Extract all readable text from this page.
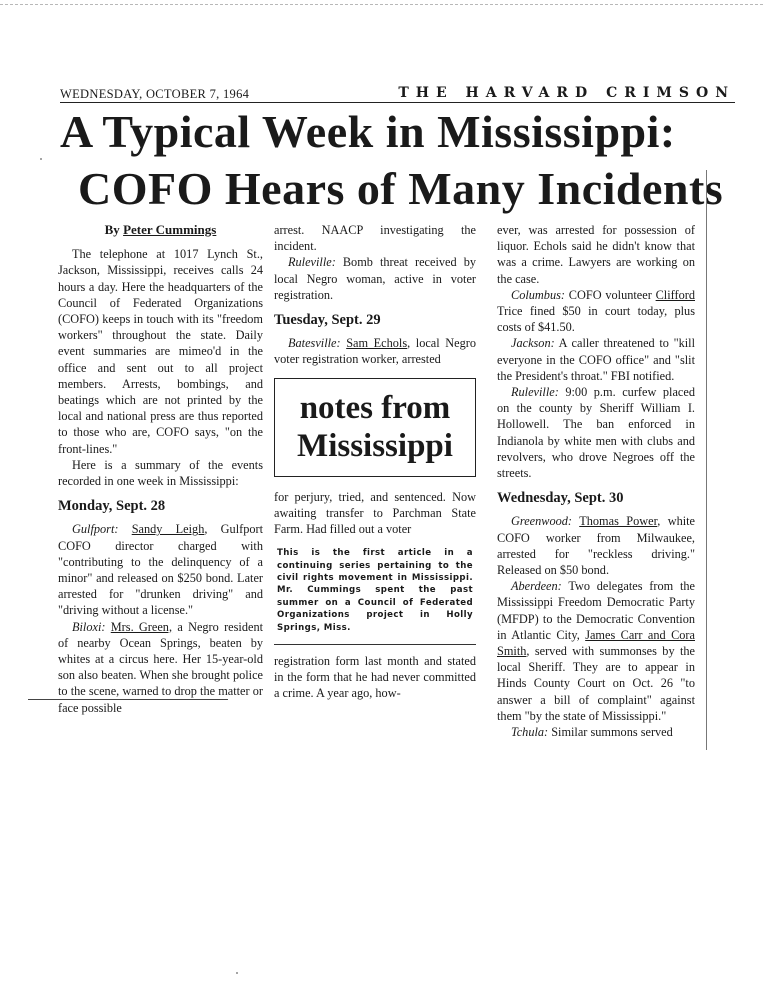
WEDNESDAY, OCTOBER 7, 1964	THE HARVARD CRIMSON
A Typical Week in Mississippi:
COFO Hears of Many Incidents
By Peter Cummings

The telephone at 1017 Lynch St., Jackson, Mississippi, receives calls 24 hours a day. Here the headquarters of the Council of Federated Organizations (COFO) keeps in touch with its "freedom workers" throughout the state. Daily event summaries are mimeo'd in the office and sent out to all project members. Arrests, bombings, and beatings which are not printed by the local and national press are thus reported to those who are, COFO says, "on the front-lines."

Here is a summary of the events recorded in one week in Mississippi:

Monday, Sept. 28

Gulfport: Sandy Leigh, Gulfport COFO director charged with "contributing to the delinquency of a minor" and released on $250 bond. Later arrested for "drunken driving" and "driving without a license."

Biloxi: Mrs. Green, a Negro resident of nearby Ocean Springs, beaten by whites at a circus here. Her 15-year-old son also beaten. When she brought police to the scene, warned to drop the matter or face possible

arrest. NAACP investigating the incident.

Ruleville: Bomb threat received by local Negro woman, active in voter registration.

Tuesday, Sept. 29

Batesville: Sam Echols, local Negro voter registration worker, arrested

notes from
Mississippi

for perjury, tried, and sentenced. Now awaiting transfer to Parchman State Farm. Had filled out a voter

This is the first article in a continuing series pertaining to the civil rights movement in Mississippi. Mr. Cummings spent the past summer on a Council of Federated Organizations project in Holly Springs, Miss.

registration form last month and stated in the form that he had never committed a crime. A year ago, how-

ever, was arrested for possession of liquor. Echols said he didn't know that was a crime. Lawyers are working on the case.

Columbus: COFO volunteer Clifford Trice fined $50 in court today, plus costs of $41.50.

Jackson: A caller threatened to "kill everyone in the COFO office" and "slit the President's throat." FBI notified.

Ruleville: 9:00 p.m. curfew placed on the county by Sheriff William I. Hollowell. The ban enforced in Indianola by white men with clubs and revolvers, who drove Negroes off the streets.

Wednesday, Sept. 30

Greenwood: Thomas Power, white COFO worker from Milwaukee, arrested for "reckless driving." Released on $50 bond.

Aberdeen: Two delegates from the Mississippi Freedom Democratic Party (MFDP) to the Democratic Convention in Atlantic City, James Carr and Cora Smith, served with summonses by the local Sheriff. They are to appear in Hinds County Court on Oct. 26 "to answer a bill of complaint" against them "by the state of Mississippi."

Tchula: Similar summons served
